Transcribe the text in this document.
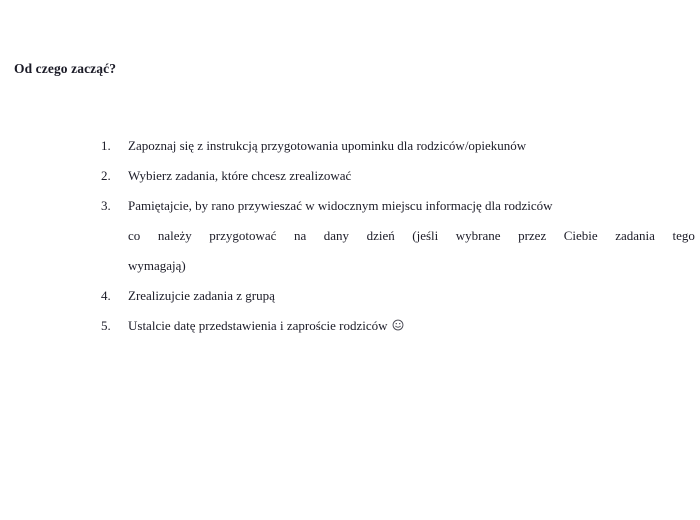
Od czego zacząć?
1.	Zapoznaj się z instrukcją przygotowania upominku dla rodziców/opiekunów
2.	Wybierz zadania, które chcesz zrealizować
3.	Pamiętajcie, by rano przywieszać w widocznym miejscu informację dla rodziców
co należy przygotować na dany dzień (jeśli wybrane przez Ciebie zadania tego
wymagają)
4.	Zrealizujcie zadania z grupą
5.	Ustalcie datę przedstawienia i zaproście rodziców
